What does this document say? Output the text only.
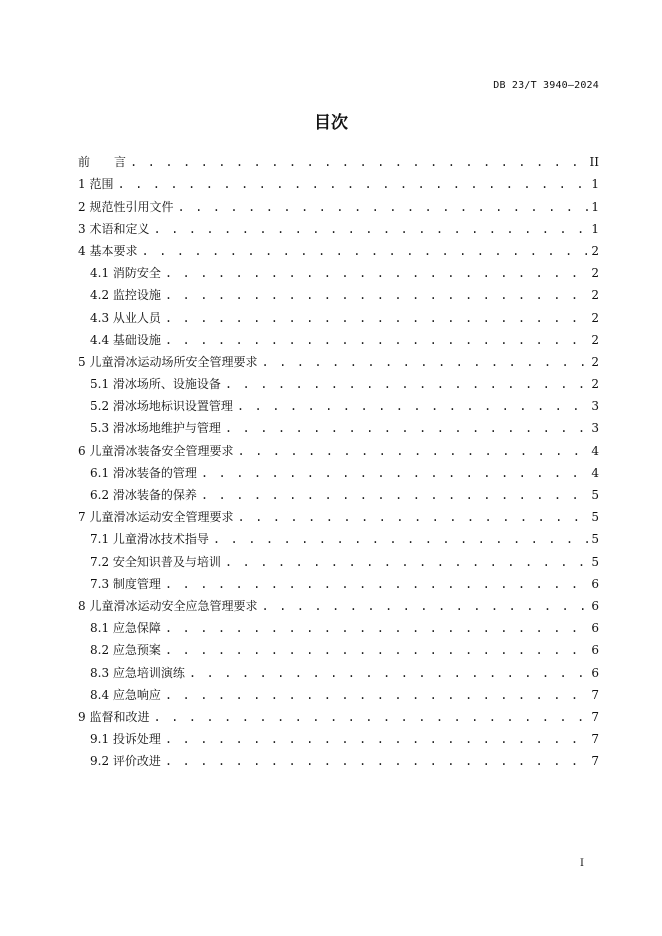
DB 23/T 3940—2024
目次
前　　言 . . .	II
1 范围 . . .	1
2 规范性引用文件 . . .	1
3 术语和定义 . . .	1
4 基本要求 . . .	2
4.1 消防安全 . . .	2
4.2 监控设施 . . .	2
4.3 从业人员 . . .	2
4.4 基础设施 . . .	2
5 儿童滑冰运动场所安全管理要求 . . .	2
5.1 滑冰场所、设施设备 . . .	2
5.2 滑冰场地标识设置管理 . . .	3
5.3 滑冰场地维护与管理 . . .	3
6 儿童滑冰装备安全管理要求 . . .	4
6.1 滑冰装备的管理 . . .	4
6.2 滑冰装备的保养 . . .	5
7 儿童滑冰运动安全管理要求 . . .	5
7.1 儿童滑冰技术指导 . . .	5
7.2 安全知识普及与培训 . . .	5
7.3 制度管理 . . .	6
8 儿童滑冰运动安全应急管理要求 . . .	6
8.1 应急保障 . . .	6
8.2 应急预案 . . .	6
8.3 应急培训演练 . . .	6
8.4 应急响应 . . .	7
9 监督和改进 . . .	7
9.1 投诉处理 . . .	7
9.2 评价改进 . . .	7
I
